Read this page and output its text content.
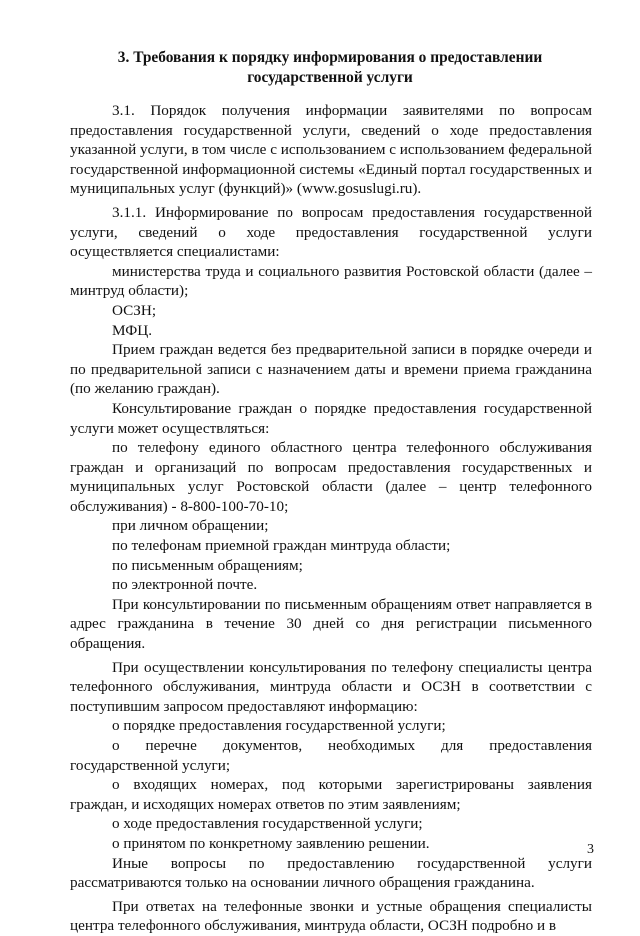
3. Требования к порядку информирования о предоставлении
государственной услуги

3.1. Порядок получения информации заявителями по вопросам предоставления государственной услуги, сведений о ходе предоставления указанной услуги, в том числе с использованием с использованием федеральной государственной информационной системы «Единый портал государственных и муниципальных услуг (функций)» (www.gosuslugi.ru).

3.1.1. Информирование по вопросам предоставления государственной услуги, сведений о ходе предоставления государственной услуги осуществляется специалистами:

министерства труда и социального развития Ростовской области (далее – минтруд области);

ОСЗН;

МФЦ.

Прием граждан ведется без предварительной записи в порядке очереди и по предварительной записи с назначением даты и времени приема гражданина (по желанию граждан).

Консультирование граждан о порядке предоставления государственной услуги может осуществляться:

по телефону единого областного центра телефонного обслуживания граждан и организаций по вопросам предоставления государственных и муниципальных услуг Ростовской области (далее – центр телефонного обслуживания) - 8-800-100-70-10;

при личном обращении;

по телефонам приемной граждан минтруда области;

по письменным обращениям;

по электронной почте.

При консультировании по письменным обращениям ответ направляется в адрес гражданина в течение 30 дней со дня регистрации письменного обращения.

При осуществлении консультирования по телефону специалисты центра телефонного обслуживания, минтруда области и ОСЗН в соответствии с поступившим запросом предоставляют информацию:

о порядке предоставления государственной услуги;

о перечне документов, необходимых для предоставления государственной услуги;

о входящих номерах, под которыми зарегистрированы заявления граждан, и исходящих номерах ответов по этим заявлениям;

о ходе предоставления государственной услуги;

о принятом по конкретному заявлению решении.

Иные вопросы по предоставлению государственной услуги рассматриваются только на основании личного обращения гражданина.

При ответах на телефонные звонки и устные обращения специалисты центра телефонного обслуживания, минтруда области, ОСЗН подробно и в

3
